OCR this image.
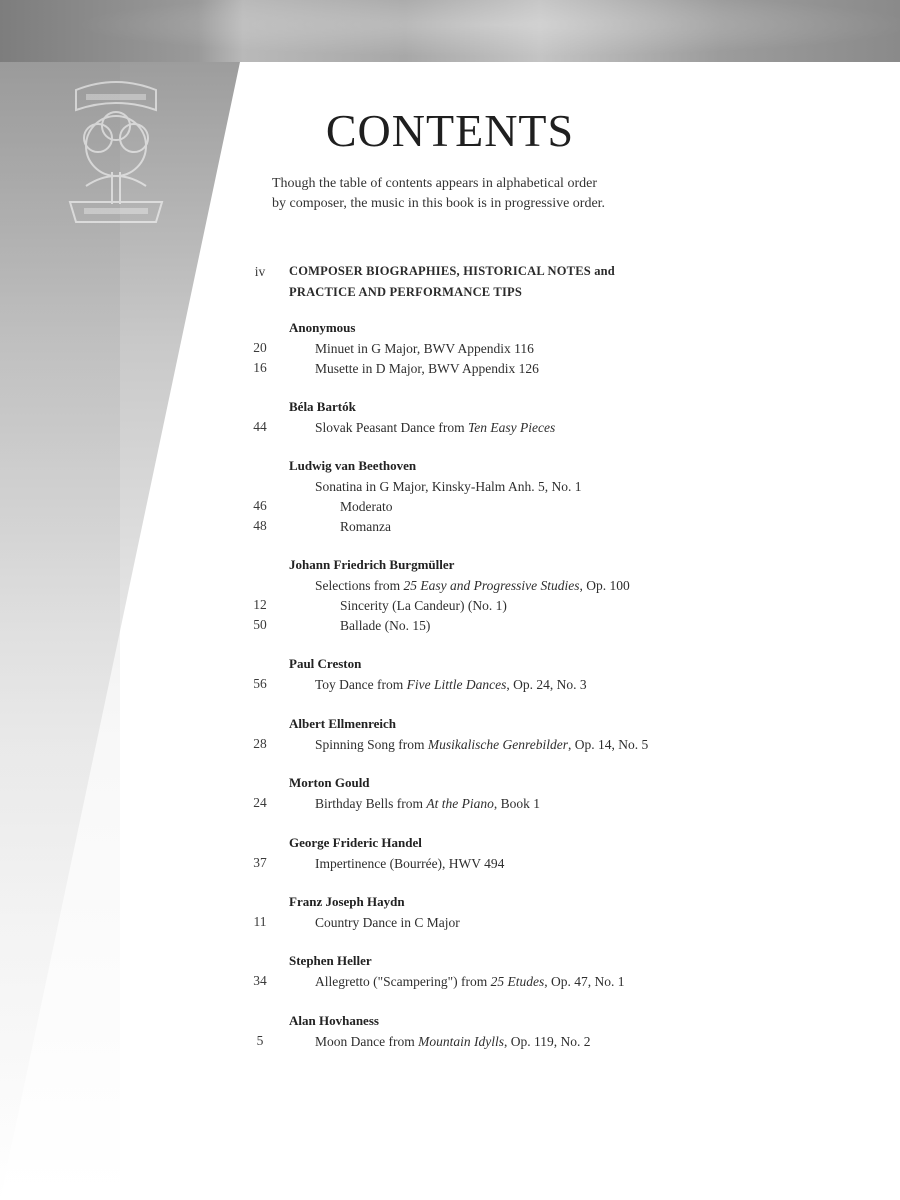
CONTENTS
Though the table of contents appears in alphabetical order
by composer, the music in this book is in progressive order.
iv	COMPOSER BIOGRAPHIES, HISTORICAL NOTES and
PRACTICE AND PERFORMANCE TIPS
Anonymous
20	Minuet in G Major, BWV Appendix 116
16	Musette in D Major, BWV Appendix 126
Béla Bartók
44	Slovak Peasant Dance from Ten Easy Pieces
Ludwig van Beethoven
Sonatina in G Major, Kinsky-Halm Anh. 5, No. 1
46	Moderato
48	Romanza
Johann Friedrich Burgmüller
Selections from 25 Easy and Progressive Studies, Op. 100
12	Sincerity (La Candeur) (No. 1)
50	Ballade (No. 15)
Paul Creston
56	Toy Dance from Five Little Dances, Op. 24, No. 3
Albert Ellmenreich
28	Spinning Song from Musikalische Genrebilder, Op. 14, No. 5
Morton Gould
24	Birthday Bells from At the Piano, Book 1
George Frideric Handel
37	Impertinence (Bourrée), HWV 494
Franz Joseph Haydn
11	Country Dance in C Major
Stephen Heller
34	Allegretto ("Scampering") from 25 Etudes, Op. 47, No. 1
Alan Hovhaness
5	Moon Dance from Mountain Idylls, Op. 119, No. 2
